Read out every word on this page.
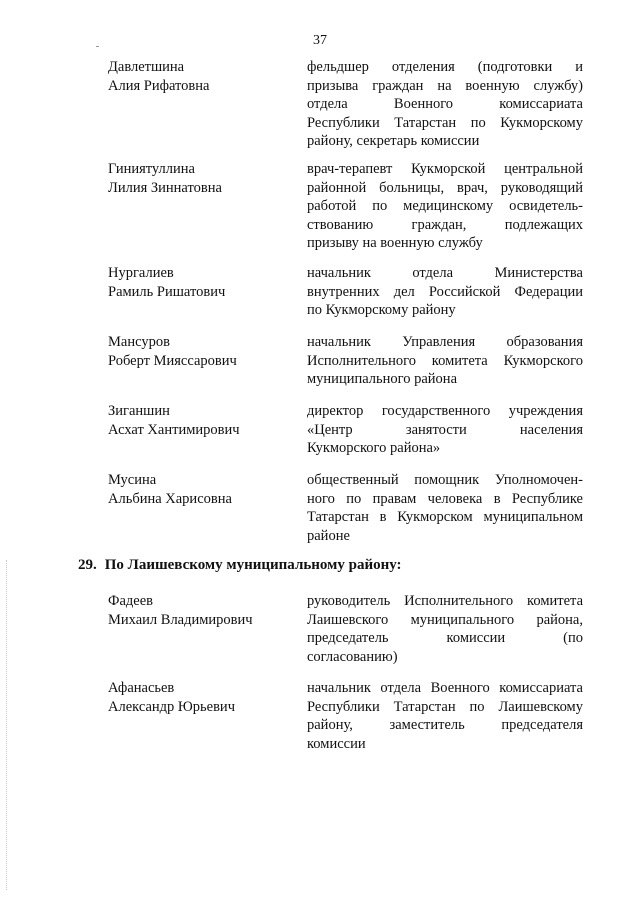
37
Давлетшина
Алия Рифатовна
фельдшер отделения (подготовки и
призыва граждан на военную службу)
отдела Военного комиссариата
Республики Татарстан по Кукморскому
району, секретарь комиссии
Гиниятуллина
Лилия Зиннатовна
врач-терапевт Кукморской центральной
районной больницы, врач, руководящий
работой по медицинскому освидетель-
ствованию граждан, подлежащих
призыву на военную службу
Нургалиев
Рамиль Ришатович
начальник отдела Министерства
внутренних дел Российской Федерации
по Кукморскому району
Мансуров
Роберт Мияссарович
начальник Управления образования
Исполнительного комитета Кукморского
муниципального района
Зиганшин
Асхат Хантимирович
директор государственного учреждения
«Центр занятости населения
Кукморского района»
Мусина
Альбина Харисовна
общественный помощник Уполномочен-
ного по правам человека в Республике
Татарстан в Кукморском муниципальном
районе
29. По Лаишевскому муниципальному району:
Фадеев
Михаил Владимирович
руководитель Исполнительного комитета
Лаишевского муниципального района,
председатель комиссии (по
согласованию)
Афанасьев
Александр Юрьевич
начальник отдела Военного комиссариата
Республики Татарстан по Лаишевскому
району, заместитель председателя
комиссии
